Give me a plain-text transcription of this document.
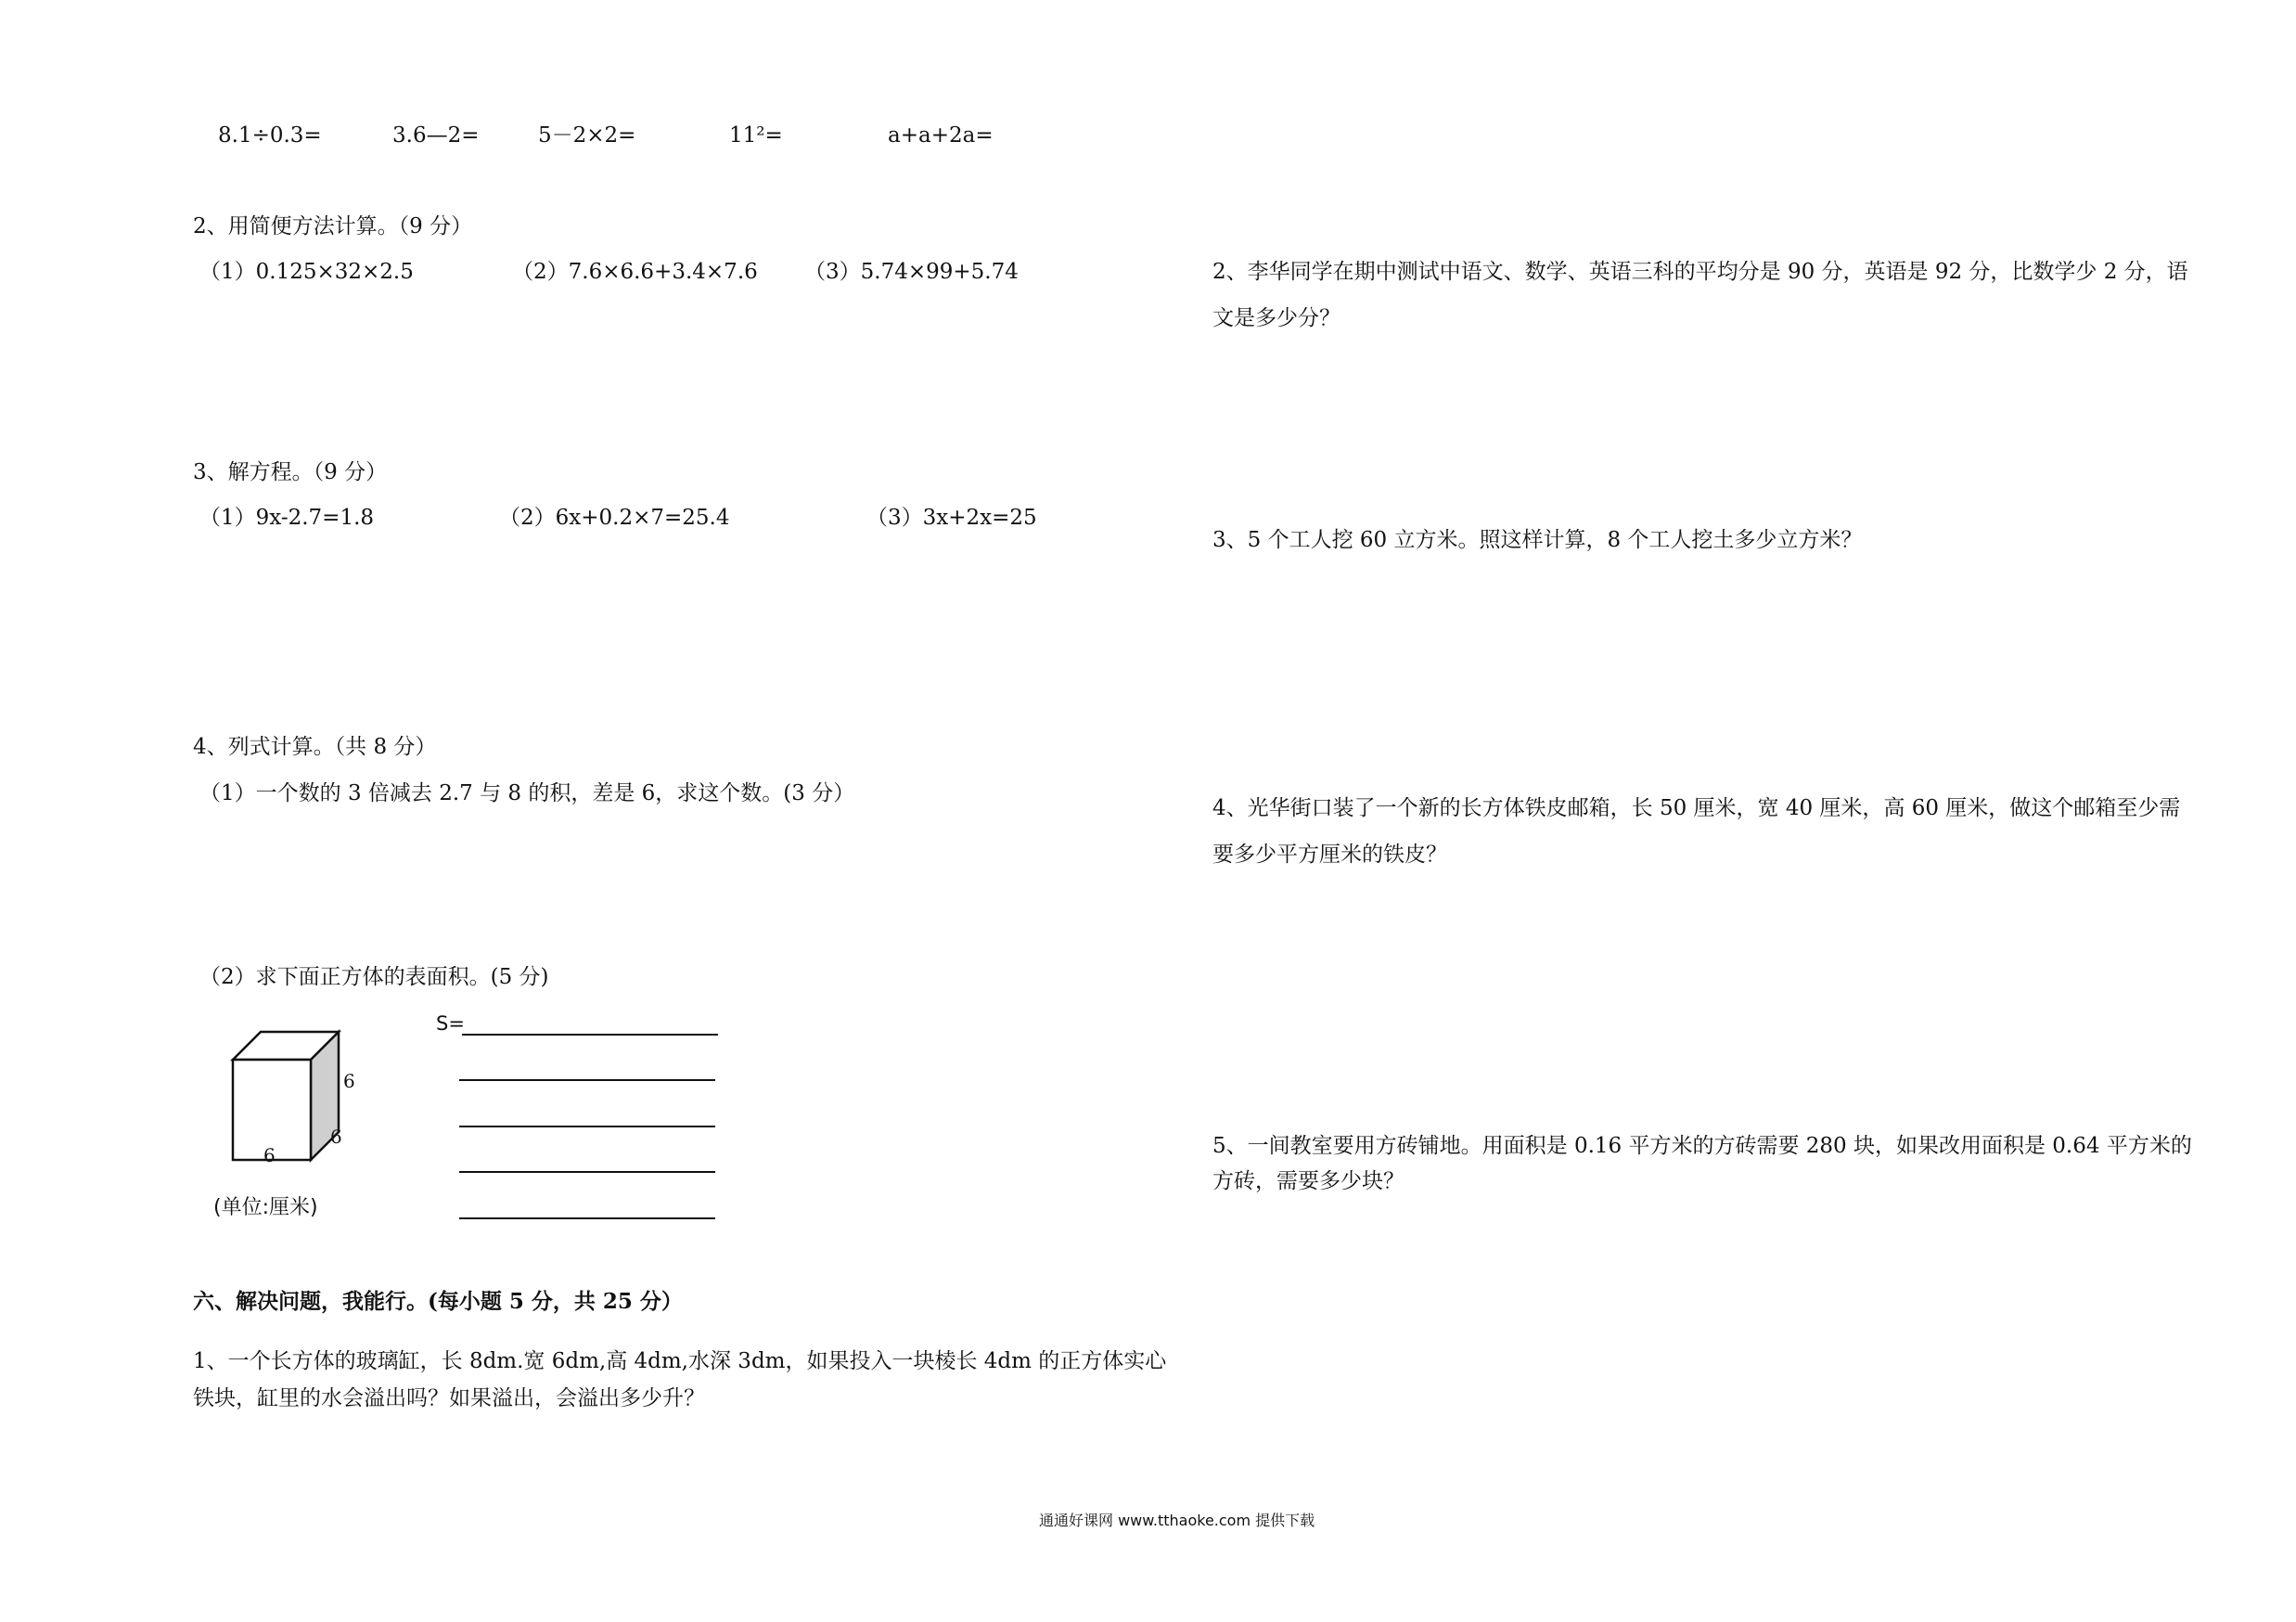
8.1÷0.3=	3.6—2=	5－2×2=	11²=	a+a+2a=
2、用简便方法计算。（9 分）
（1）0.125×32×2.5	（2）7.6×6.6+3.4×7.6 （3）5.74×99+5.74
3、解方程。（9 分）
（1）9x-2.7=1.8	（2）6x+0.2×7=25.4	（3）3x+2x=25
4、列式计算。（共 8 分）
（1）一个数的 3 倍减去 2.7 与 8 的积，差是 6，求这个数。(3 分）
（2）求下面正方体的表面积。(5 分)
6
6
6
(单位:厘米)
S=
六、解决问题，我能行。(每小题 5 分，共 25 分）
1、一个长方体的玻璃缸，长 8dm.宽 6dm,高 4dm,水深 3dm，如果投入一块棱长 4dm 的正方体实心铁块，缸里的水会溢出吗？如果溢出，会溢出多少升？
2、李华同学在期中测试中语文、数学、英语三科的平均分是 90 分，英语是 92 分，比数学少 2 分，语文是多少分？
3、5 个工人挖 60 立方米。照这样计算，8 个工人挖土多少立方米？
4、光华街口装了一个新的长方体铁皮邮箱，长 50 厘米，宽 40 厘米，高 60 厘米，做这个邮箱至少需要多少平方厘米的铁皮？
5、一间教室要用方砖铺地。用面积是 0.16 平方米的方砖需要 280 块，如果改用面积是 0.64 平方米的方砖，需要多少块？
通通好课网 www.tthaoke.com 提供下载
